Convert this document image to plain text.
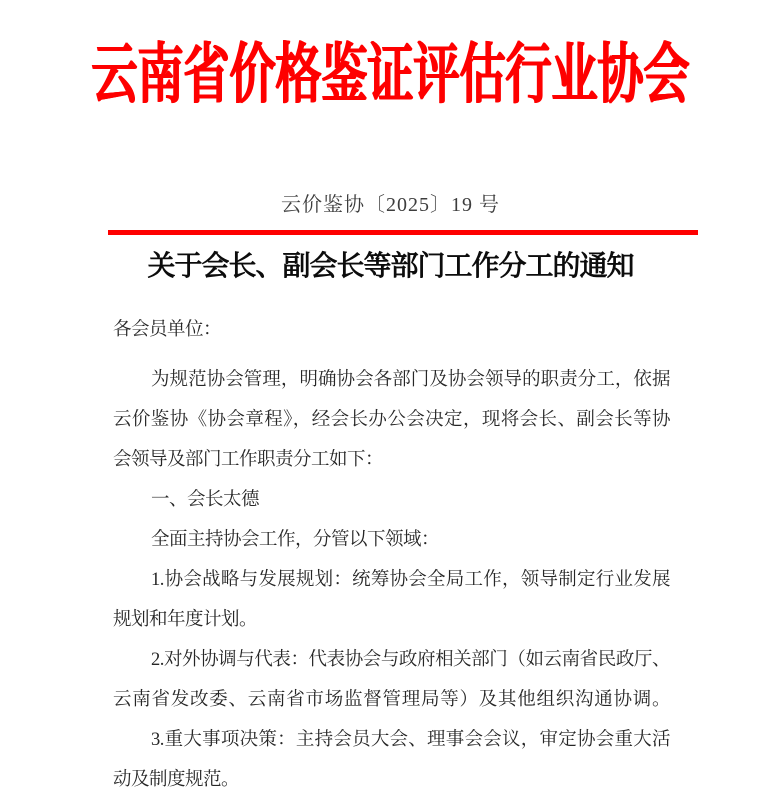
云南省价格鉴证评估行业协会
云价鉴协〔2025〕19 号
关于会长、副会长等部门工作分工的通知
各会员单位：
为规范协会管理，明确协会各部门及协会领导的职责分工，依据
云价鉴协《协会章程》，经会长办公会决定，现将会长、副会长等协
会领导及部门工作职责分工如下：
一、会长太德
全面主持协会工作，分管以下领域：
1.协会战略与发展规划：统筹协会全局工作，领导制定行业发展
规划和年度计划。
2.对外协调与代表：代表协会与政府相关部门（如云南省民政厅、
云南省发改委、云南省市场监督管理局等）及其他组织沟通协调。
3.重大事项决策：主持会员大会、理事会会议，审定协会重大活
动及制度规范。
